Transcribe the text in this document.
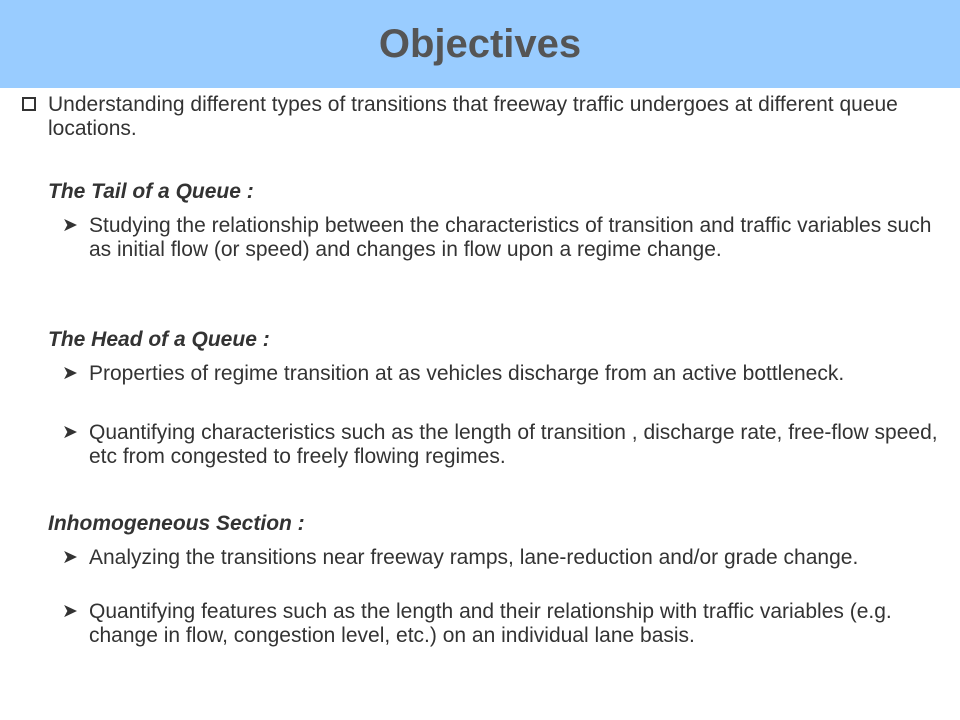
Objectives

Understanding different types of transitions that freeway traffic undergoes at different queue locations.

The Tail of a Queue :

➤ Studying the relationship between the characteristics of transition and traffic variables such as initial flow (or speed) and changes in flow upon a regime change.

The Head of a Queue :

➤ Properties of regime transition at as vehicles discharge from an active bottleneck.

➤ Quantifying characteristics such as the length of transition , discharge rate, free-flow speed, etc from congested to freely flowing regimes.

Inhomogeneous Section :

➤ Analyzing the transitions near freeway ramps, lane-reduction and/or grade change.

➤ Quantifying features such as the length and their relationship with traffic variables (e.g. change in flow, congestion level, etc.) on an individual lane basis.
